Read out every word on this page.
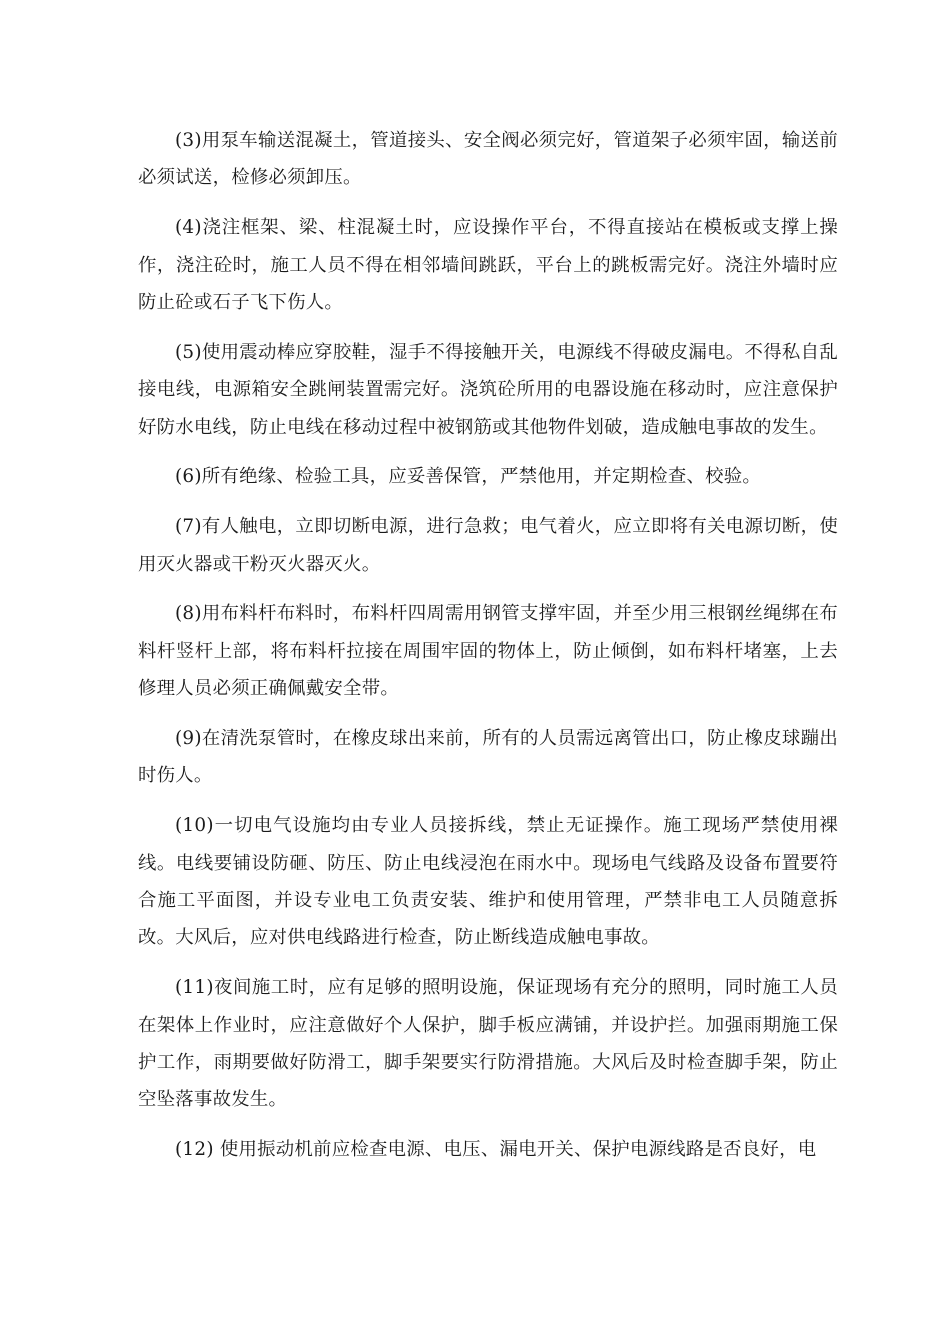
(3)用泵车输送混凝土，管道接头、安全阀必须完好，管道架子必须牢固，输送前必须试送，检修必须卸压。

(4)浇注框架、梁、柱混凝土时，应设操作平台，不得直接站在模板或支撑上操作，浇注砼时，施工人员不得在相邻墙间跳跃，平台上的跳板需完好。浇注外墙时应防止砼或石子飞下伤人。

(5)使用震动棒应穿胶鞋，湿手不得接触开关，电源线不得破皮漏电。不得私自乱接电线，电源箱安全跳闸装置需完好。浇筑砼所用的电器设施在移动时，应注意保护好防水电线，防止电线在移动过程中被钢筋或其他物件划破，造成触电事故的发生。

(6)所有绝缘、检验工具，应妥善保管，严禁他用，并定期检查、校验。

(7)有人触电，立即切断电源，进行急救；电气着火，应立即将有关电源切断，使用灭火器或干粉灭火器灭火。

(8)用布料杆布料时，布料杆四周需用钢管支撑牢固，并至少用三根钢丝绳绑在布料杆竖杆上部，将布料杆拉接在周围牢固的物体上，防止倾倒，如布料杆堵塞，上去修理人员必须正确佩戴安全带。

(9)在清洗泵管时，在橡皮球出来前，所有的人员需远离管出口，防止橡皮球蹦出时伤人。

(10)一切电气设施均由专业人员接拆线，禁止无证操作。施工现场严禁使用裸线。电线要铺设防砸、防压、防止电线浸泡在雨水中。现场电气线路及设备布置要符合施工平面图，并设专业电工负责安装、维护和使用管理，严禁非电工人员随意拆改。大风后，应对供电线路进行检查，防止断线造成触电事故。

(11)夜间施工时，应有足够的照明设施，保证现场有充分的照明，同时施工人员在架体上作业时，应注意做好个人保护，脚手板应满铺，并设护拦。加强雨期施工保护工作，雨期要做好防滑工，脚手架要实行防滑措施。大风后及时检查脚手架，防止空坠落事故发生。

(12) 使用振动机前应检查电源、电压、漏电开关、保护电源线路是否良好，电
